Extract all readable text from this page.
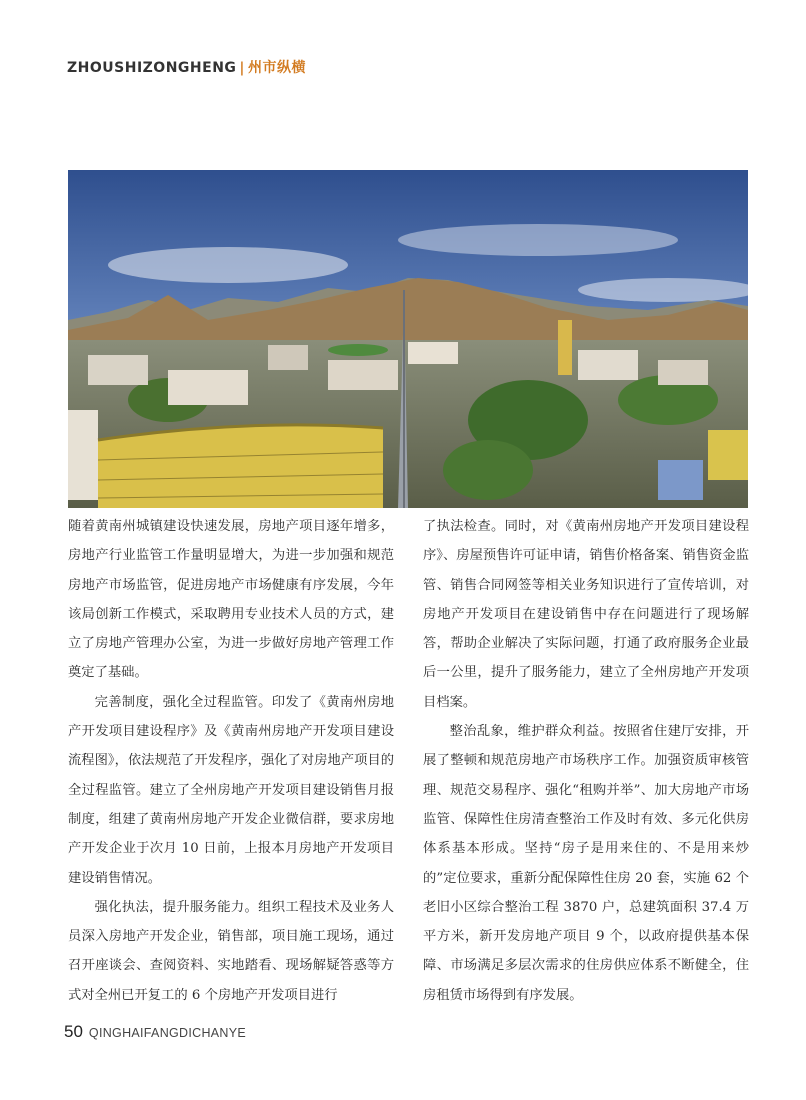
ZHOUSHIZONGHENG | 州市纵横

随着黄南州城镇建设快速发展，房地产项目逐年增多，房地产行业监管工作量明显增大，为进一步加强和规范房地产市场监管，促进房地产市场健康有序发展，今年该局创新工作模式，采取聘用专业技术人员的方式，建立了房地产管理办公室，为进一步做好房地产管理工作奠定了基础。

完善制度，强化全过程监管。印发了《黄南州房地产开发项目建设程序》及《黄南州房地产开发项目建设流程图》，依法规范了开发程序，强化了对房地产项目的全过程监管。建立了全州房地产开发项目建设销售月报制度，组建了黄南州房地产开发企业微信群，要求房地产开发企业于次月 10 日前，上报本月房地产开发项目建设销售情况。

强化执法，提升服务能力。组织工程技术及业务人员深入房地产开发企业，销售部，项目施工现场，通过召开座谈会、查阅资料、实地踏看、现场解疑答惑等方式对全州已开复工的 6 个房地产开发项目进行

了执法检查。同时，对《黄南州房地产开发项目建设程序》、房屋预售许可证申请，销售价格备案、销售资金监管、销售合同网签等相关业务知识进行了宣传培训，对房地产开发项目在建设销售中存在问题进行了现场解答，帮助企业解决了实际问题，打通了政府服务企业最后一公里，提升了服务能力，建立了全州房地产开发项目档案。

整治乱象，维护群众利益。按照省住建厅安排，开展了整顿和规范房地产市场秩序工作。加强资质审核管理、规范交易程序、强化“租购并举”、加大房地产市场监管、保障性住房清查整治工作及时有效、多元化供房体系基本形成。坚持“房子是用来住的、不是用来炒的”定位要求，重新分配保障性住房 20 套，实施 62 个老旧小区综合整治工程 3870 户，总建筑面积 37.4 万平方米，新开发房地产项目 9 个，以政府提供基本保障、市场满足多层次需求的住房供应体系不断健全，住房租赁市场得到有序发展。

50 QINGHAIFANGDICHANYE
